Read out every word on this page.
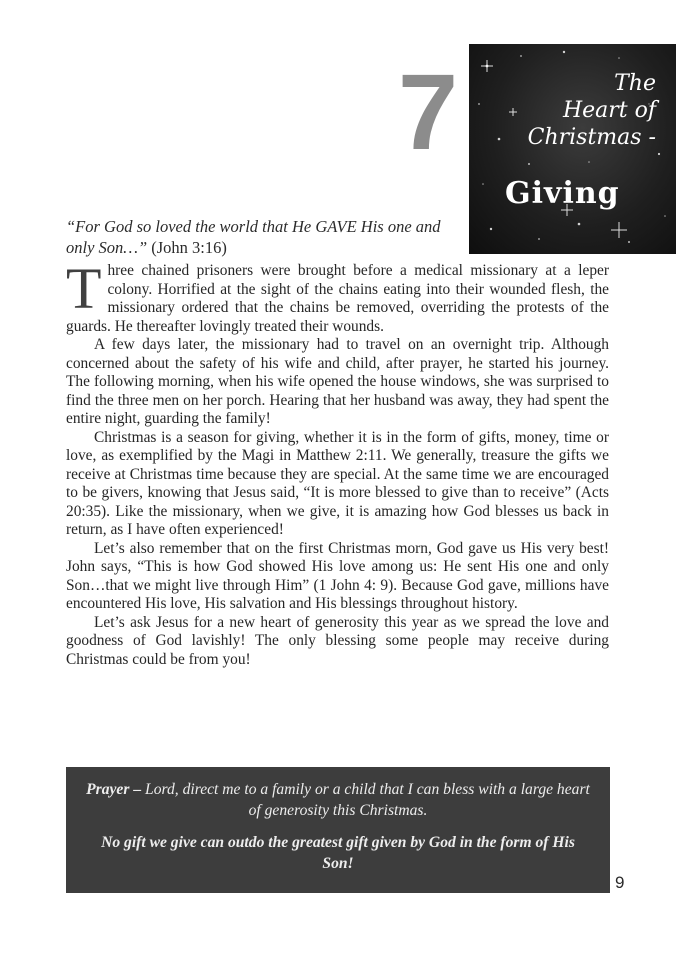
7	The
Heart of
Christmas -
Giving
“For God so loved the world that He GAVE His one and only Son…” (John 3:16)

Three chained prisoners were brought before a medical missionary at a leper colony. Horrified at the sight of the chains eating into their wounded flesh, the missionary ordered that the chains be removed, overriding the protests of the guards. He thereafter lovingly treated their wounds.

A few days later, the missionary had to travel on an overnight trip. Although concerned about the safety of his wife and child, after prayer, he started his journey. The following morning, when his wife opened the house windows, she was surprised to find the three men on her porch. Hearing that her husband was away, they had spent the entire night, guarding the family!

Christmas is a season for giving, whether it is in the form of gifts, money, time or love, as exemplified by the Magi in Matthew 2:11. We generally, treasure the gifts we receive at Christmas time because they are special. At the same time we are encouraged to be givers, knowing that Jesus said, “It is more blessed to give than to receive” (Acts 20:35). Like the missionary, when we give, it is amazing how God blesses us back in return, as I have often experienced!

Let’s also remember that on the first Christmas morn, God gave us His very best! John says, “This is how God showed His love among us: He sent His one and only Son…that we might live through Him” (1 John 4: 9). Because God gave, millions have encountered His love, His salvation and His blessings throughout history.

Let’s ask Jesus for a new heart of generosity this year as we spread the love and goodness of God lavishly! The only blessing some people may receive during Christmas could be from you!

Prayer – Lord, direct me to a family or a child that I can bless with a large heart of generosity this Christmas.

No gift we give can outdo the greatest gift given by God in the form of His Son!

9
